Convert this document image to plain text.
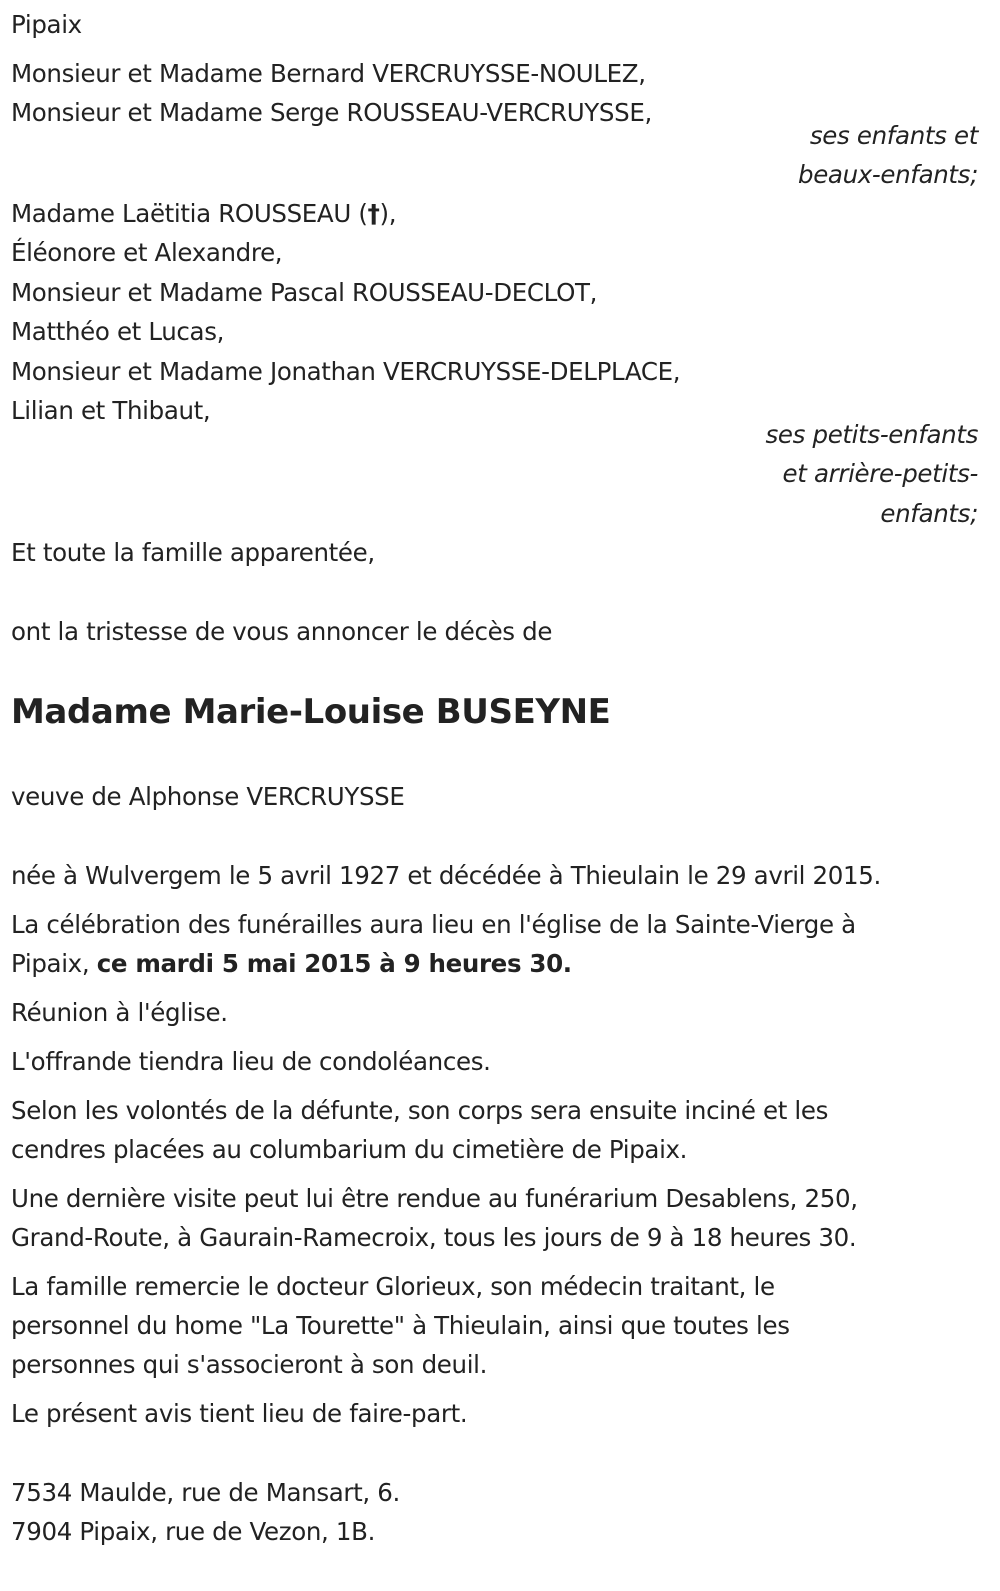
Pipaix
Monsieur et Madame Bernard VERCRUYSSE-NOULEZ,
Monsieur et Madame Serge ROUSSEAU-VERCRUYSSE,
ses enfants et
beaux-enfants;
Madame Laëtitia ROUSSEAU (†),
Éléonore et Alexandre,
Monsieur et Madame Pascal ROUSSEAU-DECLOT,
Matthéo et Lucas,
Monsieur et Madame Jonathan VERCRUYSSE-DELPLACE,
Lilian et Thibaut,
ses petits-enfants
et arrière-petits-
enfants;
Et toute la famille apparentée,
ont la tristesse de vous annoncer le décès de
Madame Marie-Louise BUSEYNE
veuve de Alphonse VERCRUYSSE
née à Wulvergem le 5 avril 1927 et décédée à Thieulain le 29 avril 2015.
La célébration des funérailles aura lieu en l'église de la Sainte-Vierge à
Pipaix, ce mardi 5 mai 2015 à 9 heures 30.
Réunion à l'église.
L'offrande tiendra lieu de condoléances.
Selon les volontés de la défunte, son corps sera ensuite inciné et les
cendres placées au columbarium du cimetière de Pipaix.
Une dernière visite peut lui être rendue au funérarium Desablens, 250,
Grand-Route, à Gaurain-Ramecroix, tous les jours de 9 à 18 heures 30.
La famille remercie le docteur Glorieux, son médecin traitant, le
personnel du home "La Tourette" à Thieulain, ainsi que toutes les
personnes qui s'associeront à son deuil.
Le présent avis tient lieu de faire-part.
7534 Maulde, rue de Mansart, 6.
7904 Pipaix, rue de Vezon, 1B.
